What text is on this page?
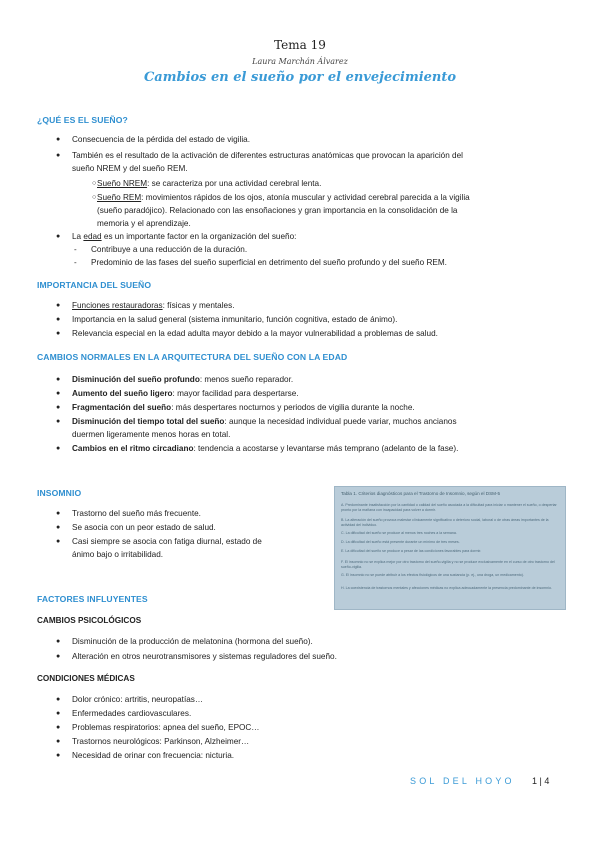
Tema 19
Laura Marchán Álvarez
Cambios en el sueño por el envejecimiento
¿QUÉ ES EL SUEÑO?
● Consecuencia de la pérdida del estado de vigilia.
● También es el resultado de la activación de diferentes estructuras anatómicas que provocan la aparición del
sueño NREM y del sueño REM.
○ Sueño NREM: se caracteriza por una actividad cerebral lenta.
○ Sueño REM: movimientos rápidos de los ojos, atonía muscular y actividad cerebral parecida a la vigilia
(sueño paradójico). Relacionado con las ensoñaciones y gran importancia en la consolidación de la
memoria y el aprendizaje.
● La edad es un importante factor en la organización del sueño:
- Contribuye a una reducción de la duración.
- Predominio de las fases del sueño superficial en detrimento del sueño profundo y del sueño REM.
IMPORTANCIA DEL SUEÑO
● Funciones restauradoras: físicas y mentales.
● Importancia en la salud general (sistema inmunitario, función cognitiva, estado de ánimo).
● Relevancia especial en la edad adulta mayor debido a la mayor vulnerabilidad a problemas de salud.
CAMBIOS NORMALES EN LA ARQUITECTURA DEL SUEÑO CON LA EDAD
● Disminución del sueño profundo: menos sueño reparador.
● Aumento del sueño ligero: mayor facilidad para despertarse.
● Fragmentación del sueño: más despertares nocturnos y periodos de vigilia durante la noche.
● Disminución del tiempo total del sueño: aunque la necesidad individual puede variar, muchos ancianos
duermen ligeramente menos horas en total.
● Cambios en el ritmo circadiano: tendencia a acostarse y levantarse más temprano (adelanto de la fase).
INSOMNIO
● Trastorno del sueño más frecuente.
● Se asocia con un peor estado de salud.
● Casi siempre se asocia con fatiga diurnal, estado de
ánimo bajo o irritabilidad.
Tabla 1. Criterios diagnósticos para el Trastorno de Insomnio, según el DSM-5
A. Predominante insatisfacción por la cantidad o calidad del sueño asociada a la dificultad para iniciar o mantener el sueño, o despertar pronto por la mañana con incapacidad para volver a dormir.
B. La alteración del sueño provoca malestar clínicamente significativo o deterioro social, laboral o de otras áreas importantes de la actividad del individuo.
C. La dificultad del sueño se produce al menos tres noches a la semana.
D. La dificultad del sueño está presente durante un mínimo de tres meses.
E. La dificultad del sueño se produce a pesar de las condiciones favorables para dormir.
F. El insomnio no se explica mejor por otro trastorno del sueño-vigilia y no se produce exclusivamente en el curso de otro trastorno del sueño-vigilia.
G. El insomnio no se puede atribuir a los efectos fisiológicos de una sustancia (p. ej., una droga, un medicamento).
H. La coexistencia de trastornos mentales y afecciones médicas no explica adecuadamente la presencia predominante de insomnio.
FACTORES INFLUYENTES
CAMBIOS PSICOLÓGICOS
● Disminución de la producción de melatonina (hormona del sueño).
● Alteración en otros neurotransmisores y sistemas reguladores del sueño.
CONDICIONES MÉDICAS
● Dolor crónico: artritis, neuropatías…
● Enfermedades cardiovasculares.
● Problemas respiratorios: apnea del sueño, EPOC…
● Trastornos neurológicos: Parkinson, Alzheimer…
● Necesidad de orinar con frecuencia: nicturia.
SOL DEL HOYO 1 | 4
